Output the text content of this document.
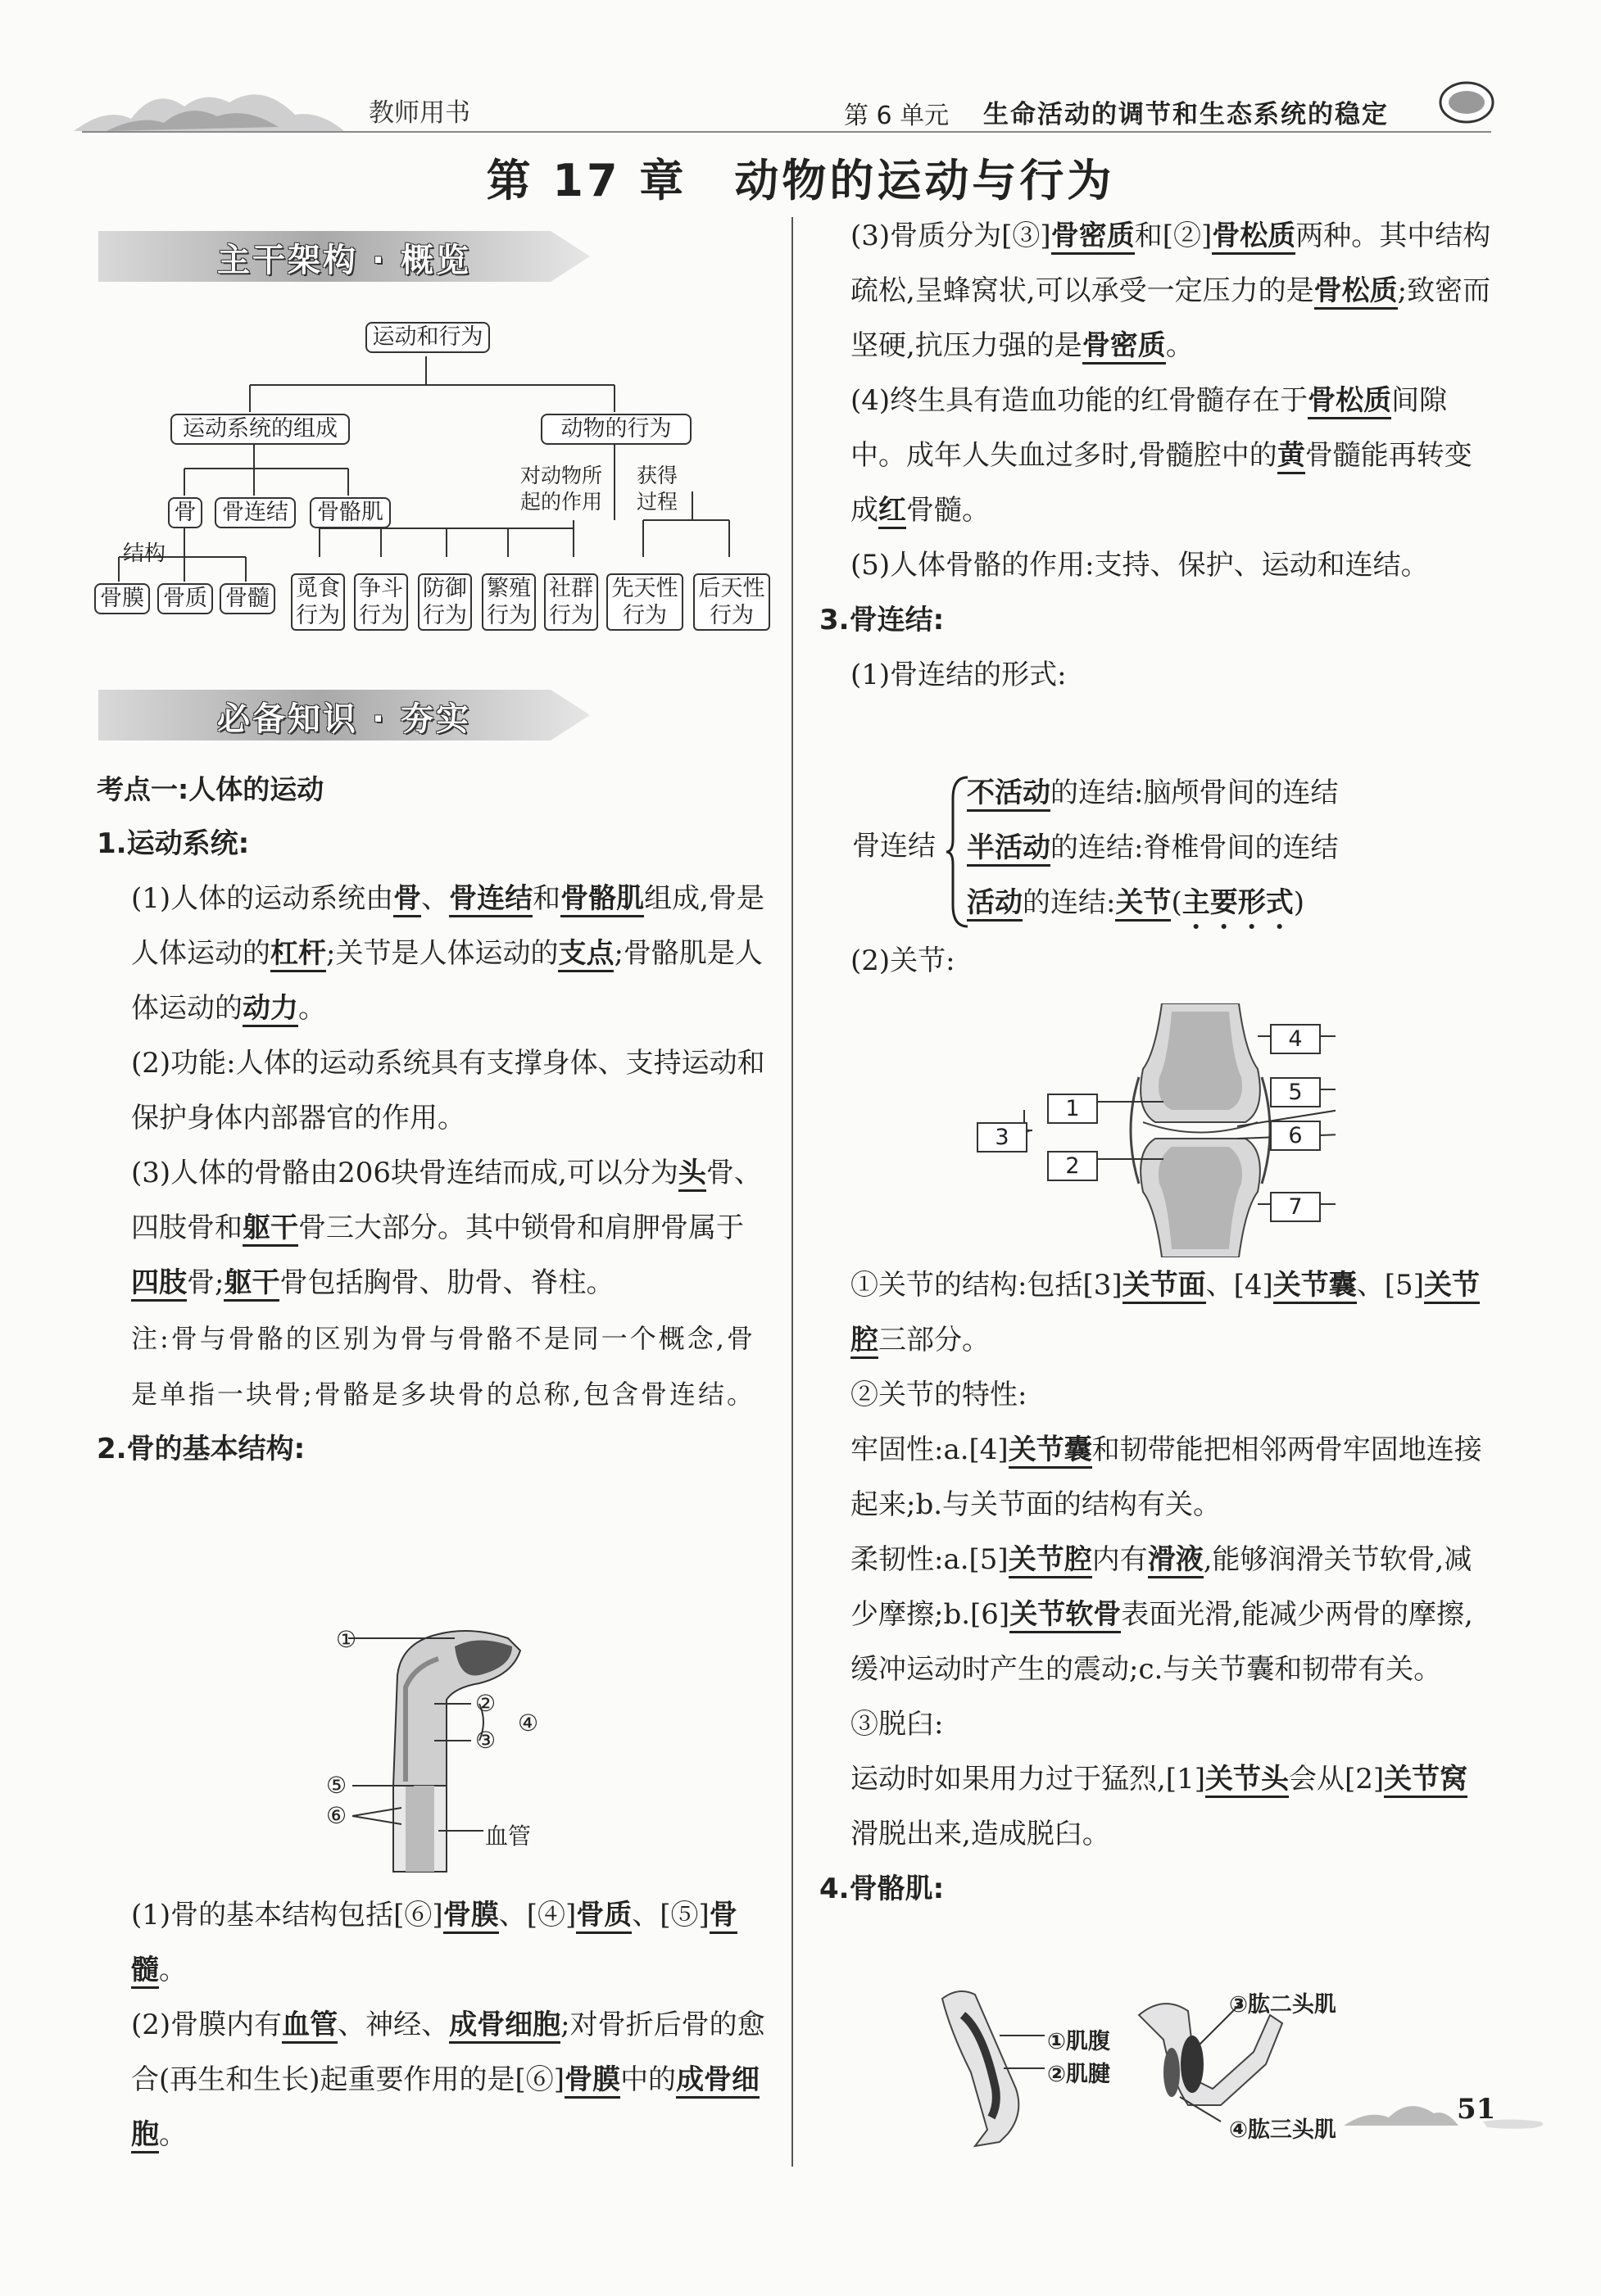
教师用书	第 6 单元 生命活动的调节和生态系统的稳定
第 17 章　动物的运动与行为
主干架构 · 概览
运动和行为
运动系统的组成	动物的行为
对动物所
起的作用
获得
过程
骨	骨连结	骨骼肌
结构
骨膜 骨质 骨髓 觅食
行为
争斗
行为
防御
行为
繁殖
行为
社群
行为
先天性
行为
后天性
行为
必备知识 · 夯实

考点一:人体的运动

1.运动系统:

(1)人体的运动系统由骨、骨连结和骨骼肌组成,骨是人体运动的杠杆;关节是人体运动的支点;骨骼肌是人体运动的动力。

(2)功能:人体的运动系统具有支撑身体、支持运动和保护身体内部器官的作用。

(3)人体的骨骼由206块骨连结而成,可以分为头骨、四肢骨和躯干骨三大部分。其中锁骨和肩胛骨属于四肢骨;躯干骨包括胸骨、肋骨、脊柱。

注:骨与骨骼的区别为骨与骨骼不是同一个概念,骨是单指一块骨;骨骼是多块骨的总称,包含骨连结。

2.骨的基本结构:

①
②
③
④
⑤
⑥
血管

(1)骨的基本结构包括[⑥]骨膜、[④]骨质、[⑤]骨髓。

(2)骨膜内有血管、神经、成骨细胞;对骨折后骨的愈合(再生和生长)起重要作用的是[⑥]骨膜中的成骨细胞。

(3)骨质分为[③]骨密质和[②]骨松质两种。其中结构疏松,呈蜂窝状,可以承受一定压力的是骨松质;致密而坚硬,抗压力强的是骨密质。

(4)终生具有造血功能的红骨髓存在于骨松质间隙中。成年人失血过多时,骨髓腔中的黄骨髓能再转变成红骨髓。

(5)人体骨骼的作用:支持、保护、运动和连结。

3.骨连结:

(1)骨连结的形式:

骨连结

不活动的连结:脑颅骨间的连结

半活动的连结:脊椎骨间的连结

活动的连结:关节(主要形式)

(2)关节:
1
2
3
4
5
6
7

①关节的结构:包括[3]关节面、[4]关节囊、[5]关节腔三部分。

②关节的特性:

牢固性:a.[4]关节囊和韧带能把相邻两骨牢固地连接起来;b.与关节面的结构有关。

柔韧性:a.[5]关节腔内有滑液,能够润滑关节软骨,减少摩擦;b.[6]关节软骨表面光滑,能减少两骨的摩擦,缓冲运动时产生的震动;c.与关节囊和韧带有关。

③脱臼:

运动时如果用力过于猛烈,[1]关节头会从[2]关节窝滑脱出来,造成脱臼。

4.骨骼肌:

①肌腹
②肌腱
③肱二头肌
④肱三头肌
51
